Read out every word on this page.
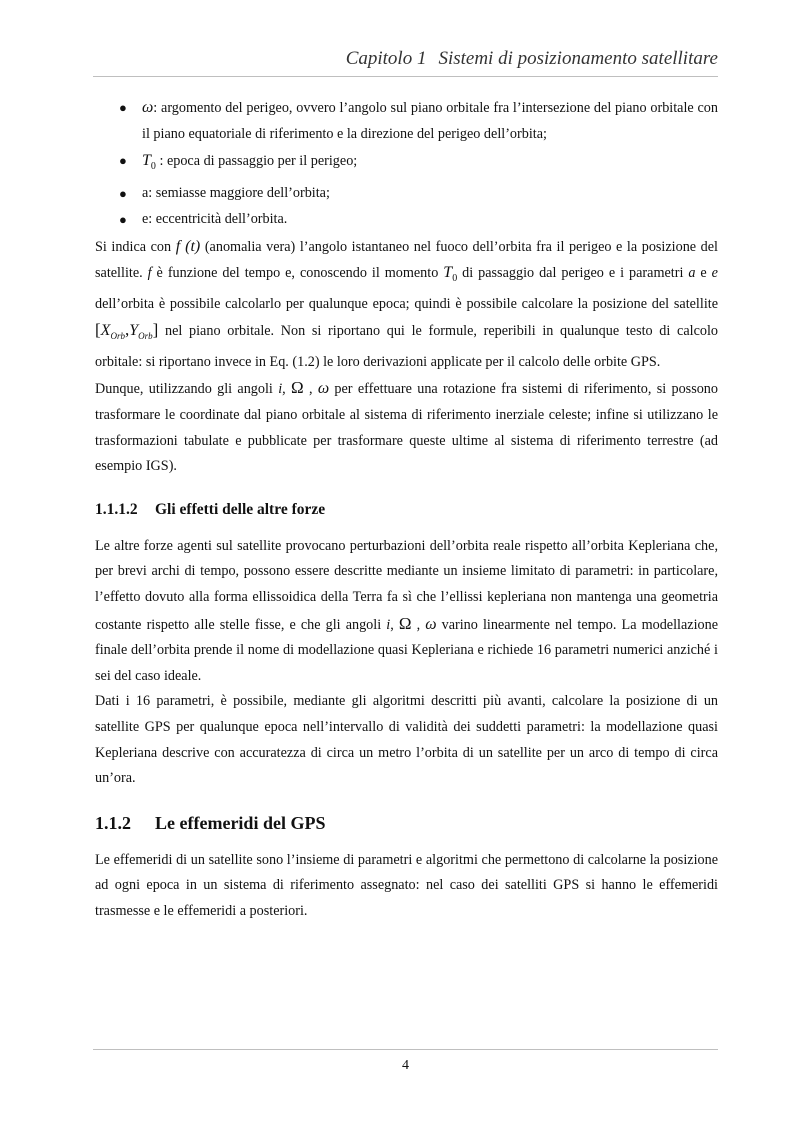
Capitolo 1 Sistemi di posizionamento satellitare
● ω: argomento del perigeo, ovvero l’angolo sul piano orbitale fra l’intersezione del piano orbitale con il piano equatoriale di riferimento e la direzione del perigeo dell’orbita;
● $T_0$ : epoca di passaggio per il perigeo;
● a: semiasse maggiore dell’orbita;
● e: eccentricità dell’orbita.

Si indica con f (t) (anomalia vera) l’angolo istantaneo nel fuoco dell’orbita fra il perigeo e la posizione del satellite. f è funzione del tempo e, conoscendo il momento $T_0$ di passaggio dal perigeo e i parametri a e e dell’orbita è possibile calcolarlo per qualunque epoca; quindi è possibile calcolare la posizione del satellite $[X_{Orb},Y_{Orb}]$ nel piano orbitale. Non si riportano qui le formule, reperibili in qualunque testo di calcolo orbitale: si riportano invece in Eq. (1.2) le loro derivazioni applicate per il calcolo delle orbite GPS.

Dunque, utilizzando gli angoli i, Ω , ω per effettuare una rotazione fra sistemi di riferimento, si possono trasformare le coordinate dal piano orbitale al sistema di riferimento inerziale celeste; infine si utilizzano le trasformazioni tabulate e pubblicate per trasformare queste ultime al sistema di riferimento terrestre (ad esempio IGS).

1.1.1.2 Gli effetti delle altre forze

Le altre forze agenti sul satellite provocano perturbazioni dell’orbita reale rispetto all’orbita Kepleriana che, per brevi archi di tempo, possono essere descritte mediante un insieme limitato di parametri: in particolare, l’effetto dovuto alla forma ellissoidica della Terra fa sì che l’ellissi kepleriana non mantenga una geometria costante rispetto alle stelle fisse, e che gli angoli i, Ω , ω varino linearmente nel tempo. La modellazione finale dell’orbita prende il nome di modellazione quasi Kepleriana e richiede 16 parametri numerici anziché i sei del caso ideale.

Dati i 16 parametri, è possibile, mediante gli algoritmi descritti più avanti, calcolare la posizione di un satellite GPS per qualunque epoca nell’intervallo di validità dei suddetti parametri: la modellazione quasi Kepleriana descrive con accuratezza di circa un metro l’orbita di un satellite per un arco di tempo di circa un’ora.

1.1.2 Le effemeridi del GPS

Le effemeridi di un satellite sono l’insieme di parametri e algoritmi che permettono di calcolarne la posizione ad ogni epoca in un sistema di riferimento assegnato: nel caso dei satelliti GPS si hanno le effemeridi trasmesse e le effemeridi a posteriori.

4
